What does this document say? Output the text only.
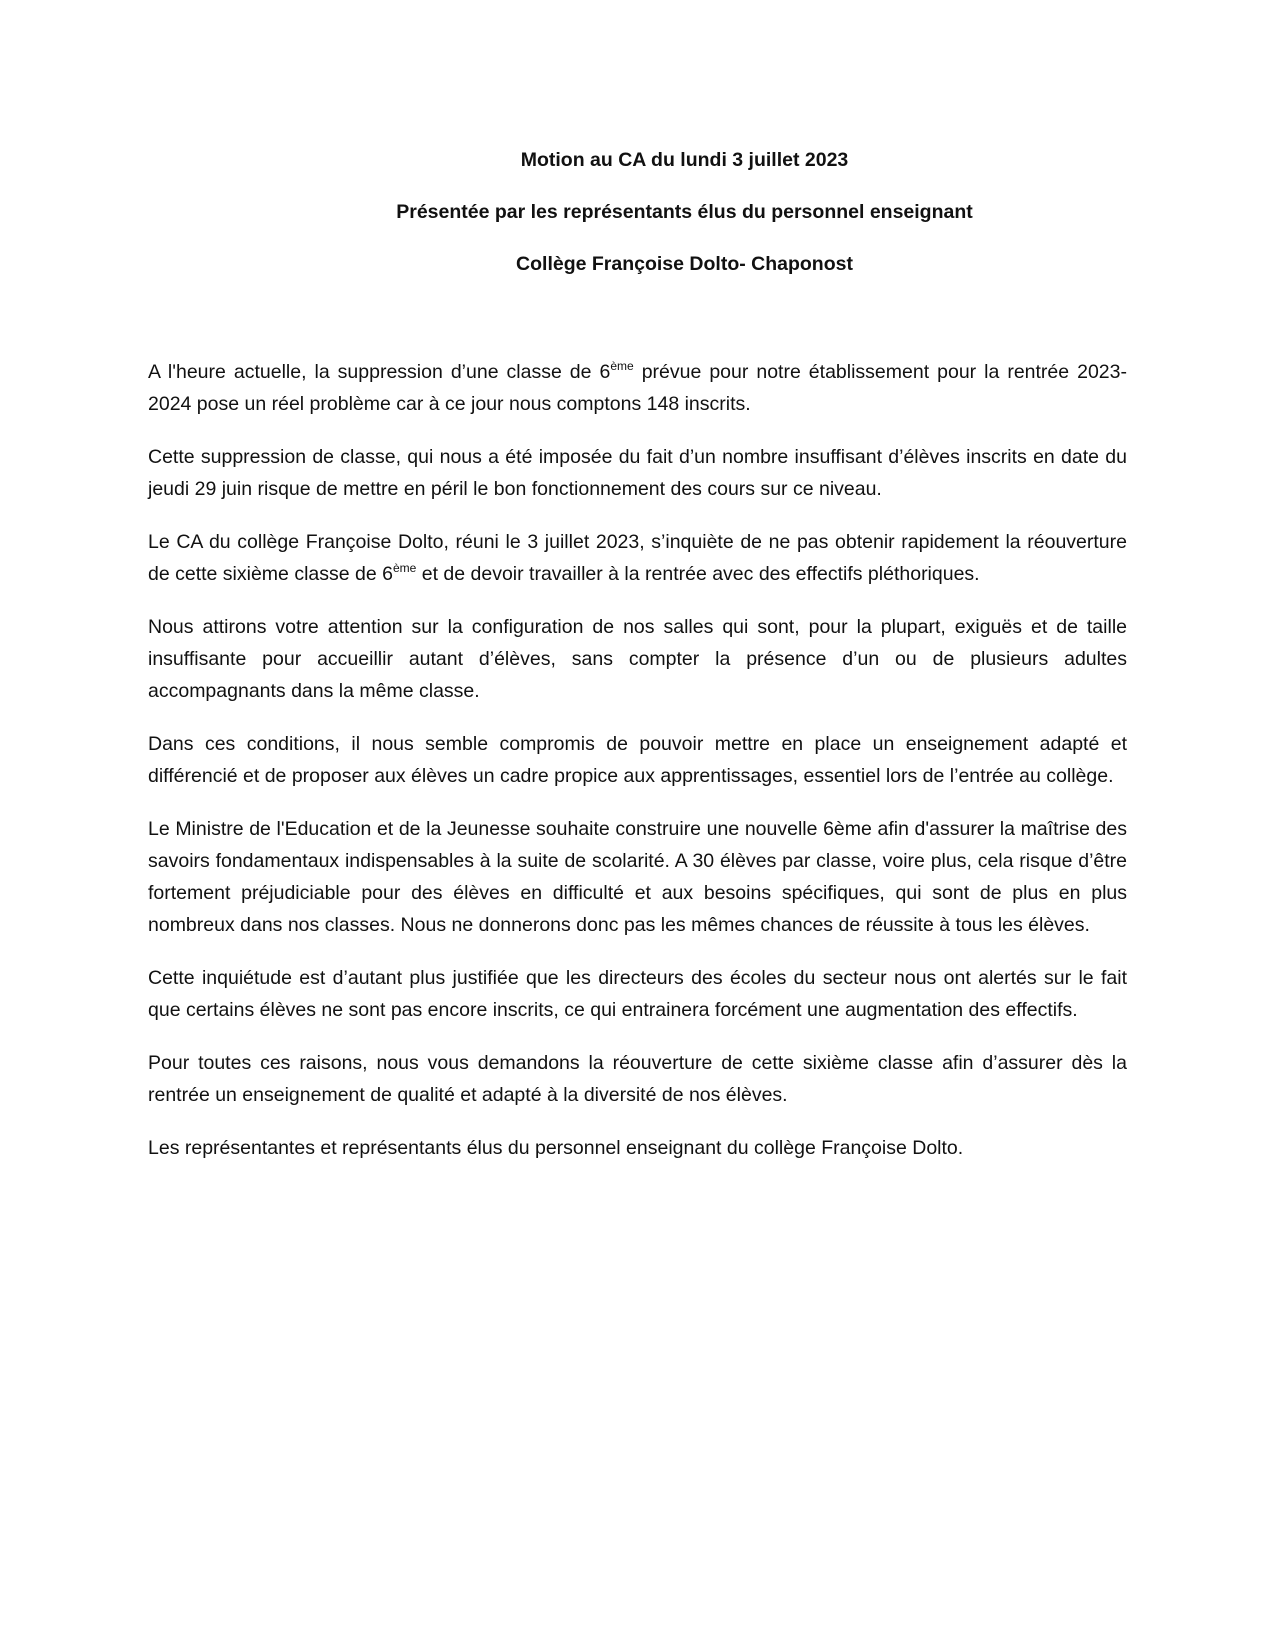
Motion au CA du lundi 3 juillet 2023
Présentée par les représentants élus du personnel enseignant
Collège Françoise Dolto- Chaponost

A l'heure actuelle, la suppression d’une classe de 6ème prévue pour notre établissement pour la rentrée 2023-2024 pose un réel problème car à ce jour nous comptons 148 inscrits.

Cette suppression de classe, qui nous a été imposée du fait d’un nombre insuffisant d’élèves inscrits en date du jeudi 29 juin risque de mettre en péril le bon fonctionnement des cours sur ce niveau.

Le CA du collège Françoise Dolto, réuni le 3 juillet 2023, s’inquiète de ne pas obtenir rapidement la réouverture de cette sixième classe de 6ème et de devoir travailler à la rentrée avec des effectifs pléthoriques.

Nous attirons votre attention sur la configuration de nos salles qui sont, pour la plupart, exiguës et de taille insuffisante pour accueillir autant d’élèves, sans compter la présence d’un ou de plusieurs adultes accompagnants dans la même classe.

Dans ces conditions, il nous semble compromis de pouvoir mettre en place un enseignement adapté et différencié et de proposer aux élèves un cadre propice aux apprentissages, essentiel lors de l’entrée au collège.

Le Ministre de l'Education et de la Jeunesse souhaite construire une nouvelle 6ème afin d'assurer la maîtrise des savoirs fondamentaux indispensables à la suite de scolarité. A 30 élèves par classe, voire plus, cela risque d’être fortement préjudiciable pour des élèves en difficulté et aux besoins spécifiques, qui sont de plus en plus nombreux dans nos classes. Nous ne donnerons donc pas les mêmes chances de réussite à tous les élèves.

Cette inquiétude est d’autant plus justifiée que les directeurs des écoles du secteur nous ont alertés sur le fait que certains élèves ne sont pas encore inscrits, ce qui entrainera forcément une augmentation des effectifs.

Pour toutes ces raisons, nous vous demandons la réouverture de cette sixième classe afin d’assurer dès la rentrée un enseignement de qualité et adapté à la diversité de nos élèves.

Les représentantes et représentants élus du personnel enseignant du collège Françoise Dolto.
